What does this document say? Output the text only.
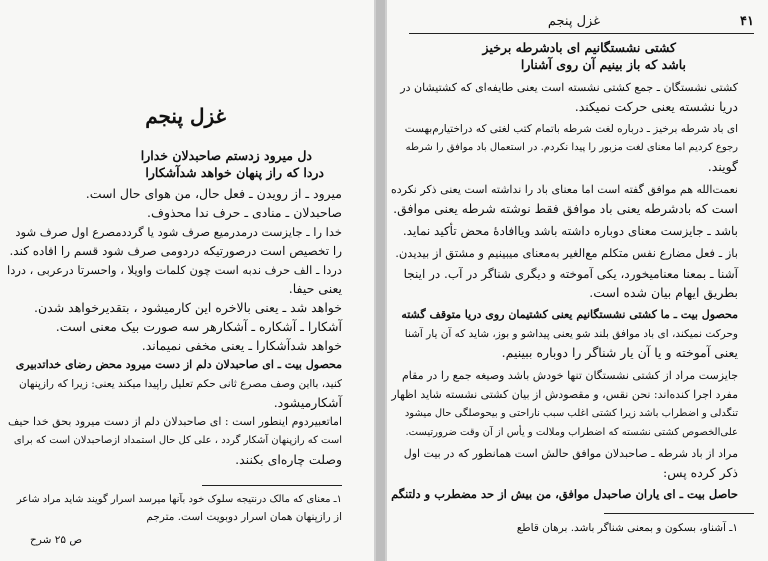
غزل پنجم
دل میرود زدستم صاحبدلان خدارا
دردا که راز پنهان خواهد شدآشکارا
میرود ـ از رویدن ـ فعل حال، من هوای حال است.
صاحبدلان ـ منادی ـ حرف ندا محذوف.
خدا را ـ جایزست درمدرمیع صرف شود یا گرددمصرع اول صرف شود
را تخصیص است درصورتیکه دردومی صرف شود قسم را افاده کند.
دردا ـ الف حرف ندبه است چون کلمات واویلا ، واحسرتا درعربی ، دردا
یعنی حیفا.
خواهد شد ـ یعنی بالاخره این کارمیشود ، بتقدیرخواهد شدن.
آشکارا ـ آشکاره ـ آشکارهر سه صورت بیک معنی است.
خواهد شدآشکارا ـ یعنی مخفی نمیماند.
محصول بیت ـ ای صاحبدلان دلم از دست میرود محض رضای خداتدبیری
کنید، بااین وصف مصرع ثانی حکم تعلیل راپیدا میکند یعنی: زیرا که رازپنهان
آشکارمیشود.
اماتعبیردوم اینطور است : ای صاحبدلان دلم از دست میرود بحق خدا حیف
است که رازپنهان آشکار گردد ، علی کل حال استمداد ازصاحبدلان است که برای
وصلت چاره‌ای بکنند.
۱ـ معنای که مالک درنتیجه سلوک خود بآنها میرسد اسرار گویند شاید مراد شاعر
از رازپنهان همان اسرار دوبویت است. مترجم
ص ۲۵ شرح
۴۱
غزل پنجم
کشتی نشستگانیم ای بادشرطه برخیز
باشد که باز بینیم آن روی آشنارا
کشتی نشستگان ـ جمع کشتی نشسته است یعنی طایفه‌ای که کشتیشان در
دریا نشسته یعنی حرکت نمیکند.
ای باد شرطه برخیز ـ درباره لغت شرطه باتمام کتب لغتی که دراختیارم‌بهست
رجوع کردیم اما معنای لغت مزبور را پیدا نکردم. در استعمال باد موافق را شرطه
گویند.
نعمت‌الله هم موافق گفته است اما معنای باد را نداشته است یعنی ذکر نکرده
است که بادشرطه یعنی باد موافق فقط نوشته شرطه یعنی موافق.
باشد ـ جایزست معنای دوباره داشته باشد ویاافادۀ محض تأکید نماید.
باز ـ فعل مضارع نفس متکلم مع‌الغیر به‌معنای میبینیم و مشتق از بیدیدن.
آشنا ـ بمعنا معنامیخورد، یکی آموخته و دیگری شناگر در آب. در اینجا
بطریق ایهام بیان شده است.
محصول بیت ـ ما کشتی نشستگانیم یعنی کشتیمان روی دریا متوقف گشته
وحرکت نمیکند، ای باد موافق بلند شو یعنی پیداشو و بوز، شاید که آن یار آشنا
یعنی آموخته و یا آن یار شناگر را دوباره ببینیم.
جایزست مراد از کشتی نشستگان تنها خودش باشد وصیغه جمع را در مقام
مفرد اجرا کنده‌اند: نحن نقس، و مقصودش از بیان کشتی نشسته شاید اظهار
تنگدلی و اضطراب باشد زیرا کشتی اغلب سبب ناراحتی و بیحوصلگی حال میشود
علی‌الخصوص کشتی نشسته که اضطراب وملالت و یأس از آن وقت ضرورتیست.
مراد از باد شرطه ـ صاحبدلان موافق حالش است همانطور که در بیت اول
ذکر کرده پس:
حاصل بیت ـ ای یاران صاحبدل موافق، من بیش از حد مضطرب و دلتنگم
۱ـ آشناو، بسکون و بمعنی شناگر باشد. برهان قاطع
